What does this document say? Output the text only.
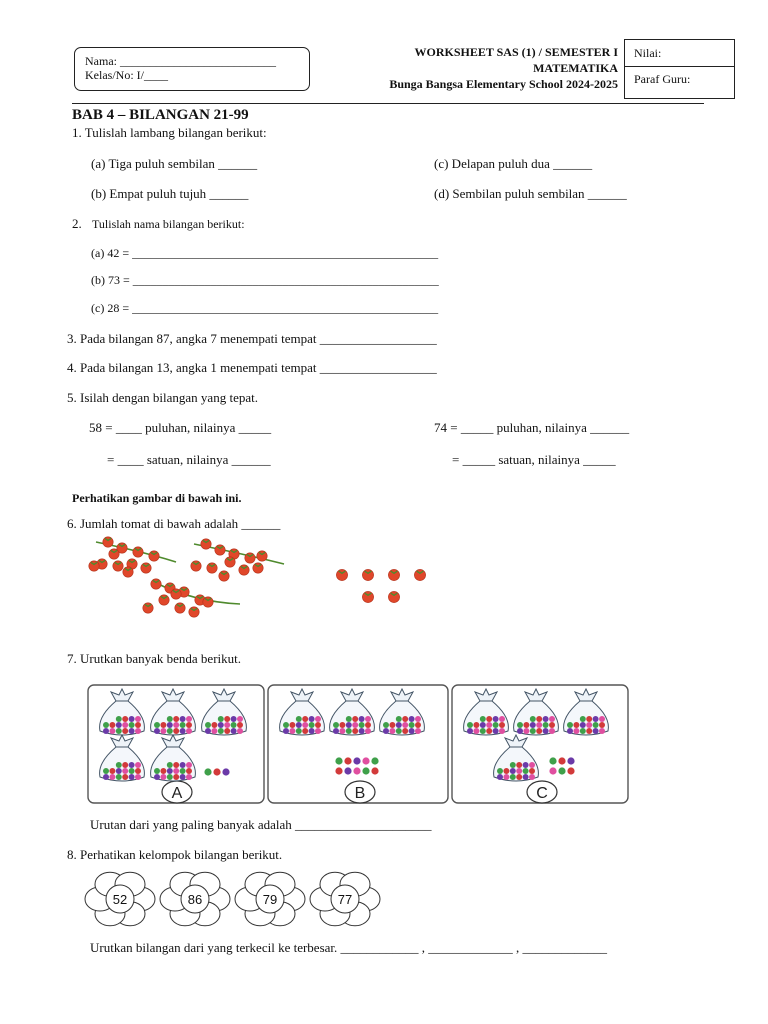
Nama: __________________________
Kelas/No: I/____
WORKSHEET SAS (1) / SEMESTER I
MATEMATIKA
Bunga Bangsa Elementary School 2024-2025
Nilai:
Paraf Guru:
BAB 4 – BILANGAN 21-99
1. Tulislah lambang bilangan berikut:
(a) Tiga puluh sembilan ______	(c) Delapan puluh dua ______
(b) Empat puluh tujuh ______	(d) Sembilan puluh sembilan ______
2. Tulislah nama bilangan berikut:
(a) 42 = ___________________________________________________
(b) 73 = ___________________________________________________
(c) 28 = ___________________________________________________
3. Pada bilangan 87, angka 7 menempati tempat __________________
4. Pada bilangan 13, angka 1 menempati tempat __________________
5. Isilah dengan bilangan yang tepat.
58 = ____ puluhan, nilainya _____
= ____ satuan, nilainya ______
74 = _____ puluhan, nilainya ______
= _____ satuan, nilainya _____
Perhatikan gambar di bawah ini.
6. Jumlah tomat di bawah adalah ______
7. Urutkan banyak benda berikut.
A	B	C
Urutan dari yang paling banyak adalah _____________________
8. Perhatikan kelompok bilangan berikut.
52	86	79	77
Urutkan bilangan dari yang terkecil ke terbesar. ____________ , _____________ , _____________
